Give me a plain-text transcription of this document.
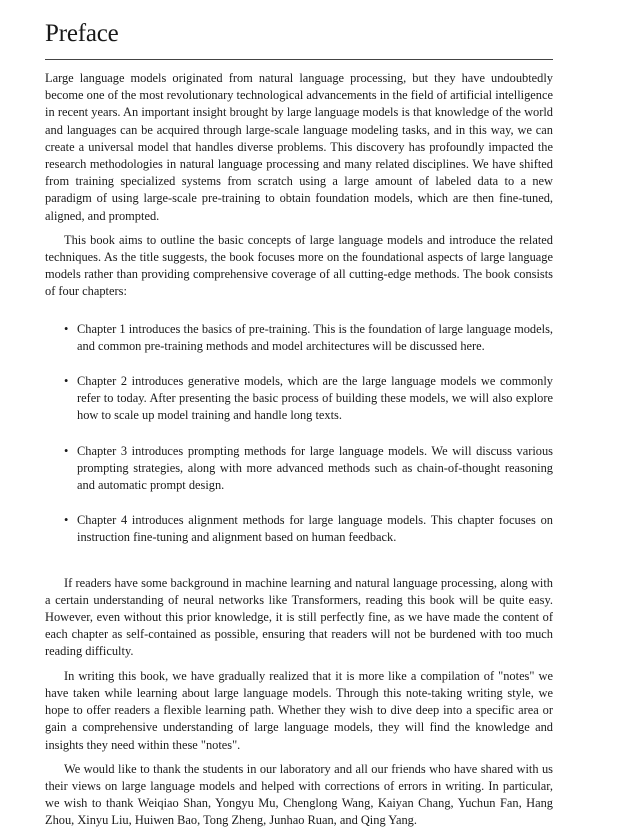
Preface

Large language models originated from natural language processing, but they have undoubtedly become one of the most revolutionary technological advancements in the field of artificial intelligence in recent years. An important insight brought by large language models is that knowledge of the world and languages can be acquired through large-scale language modeling tasks, and in this way, we can create a universal model that handles diverse problems. This discovery has profoundly impacted the research methodologies in natural language processing and many related disciplines. We have shifted from training specialized systems from scratch using a large amount of labeled data to a new paradigm of using large-scale pre-training to obtain foundation models, which are then fine-tuned, aligned, and prompted.

This book aims to outline the basic concepts of large language models and introduce the related techniques. As the title suggests, the book focuses more on the foundational aspects of large language models rather than providing comprehensive coverage of all cutting-edge methods. The book consists of four chapters:

• Chapter 1 introduces the basics of pre-training. This is the foundation of large language models, and common pre-training methods and model architectures will be discussed here.
• Chapter 2 introduces generative models, which are the large language models we commonly refer to today. After presenting the basic process of building these models, we will also explore how to scale up model training and handle long texts.
• Chapter 3 introduces prompting methods for large language models. We will discuss various prompting strategies, along with more advanced methods such as chain-of-thought reasoning and automatic prompt design.
• Chapter 4 introduces alignment methods for large language models. This chapter focuses on instruction fine-tuning and alignment based on human feedback.

If readers have some background in machine learning and natural language processing, along with a certain understanding of neural networks like Transformers, reading this book will be quite easy. However, even without this prior knowledge, it is still perfectly fine, as we have made the content of each chapter as self-contained as possible, ensuring that readers will not be burdened with too much reading difficulty.

In writing this book, we have gradually realized that it is more like a compilation of "notes" we have taken while learning about large language models. Through this note-taking writing style, we hope to offer readers a flexible learning path. Whether they wish to dive deep into a specific area or gain a comprehensive understanding of large language models, they will find the knowledge and insights they need within these "notes".

We would like to thank the students in our laboratory and all our friends who have shared with us their views on large language models and helped with corrections of errors in writing. In particular, we wish to thank Weiqiao Shan, Yongyu Mu, Chenglong Wang, Kaiyan Chang, Yuchun Fan, Hang Zhou, Xinyu Liu, Huiwen Bao, Tong Zheng, Junhao Ruan, and Qing Yang.
